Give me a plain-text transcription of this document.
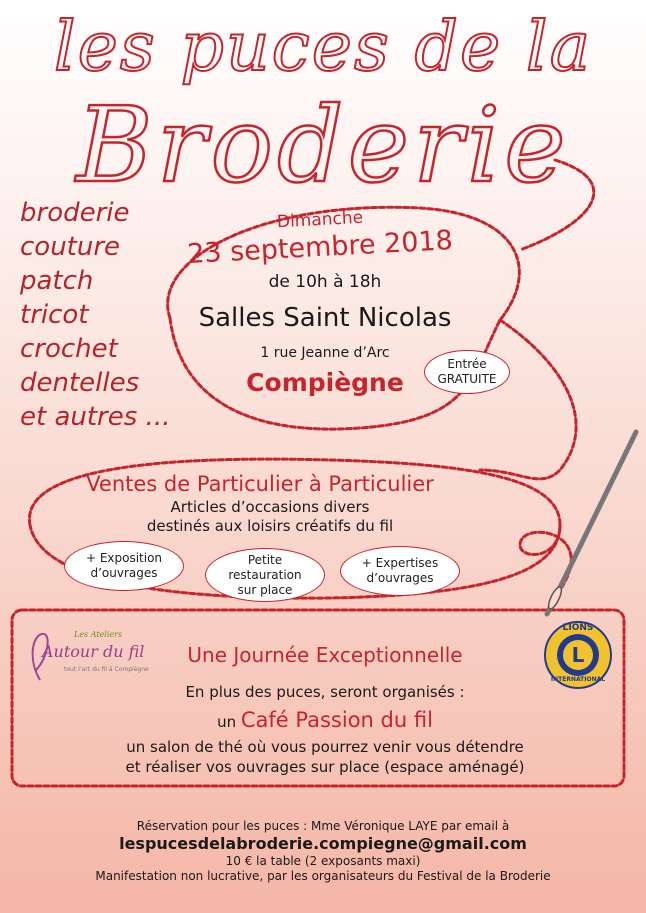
les puces de la
Broderie
broderie
couture
patch
tricot
crochet
dentelles
et autres ...
Dimanche
23 septembre 2018
de 10h à 18h
Salles Saint Nicolas
1 rue Jeanne d’Arc
Compiègne
Entrée
GRATUITE
Ventes de Particulier à Particulier
Articles d’occasions divers
destinés aux loisirs créatifs du fil
+ Exposition
d’ouvrages
Petite
restauration
sur place
+ Expertises
d’ouvrages
Les Ateliers
Autour du fil
tout l’art du fil à Compiègne
LIONS
L
INTERNATIONAL
Une Journée Exceptionnelle
En plus des puces, seront organisés :
un Café Passion du fil
un salon de thé où vous pourrez venir vous détendre
et réaliser vos ouvrages sur place (espace aménagé)
Réservation pour les puces : Mme Véronique LAYE par email à
lespucesdelabroderie.compiegne@gmail.com
10 € la table (2 exposants maxi)
Manifestation non lucrative, par les organisateurs du Festival de la Broderie
